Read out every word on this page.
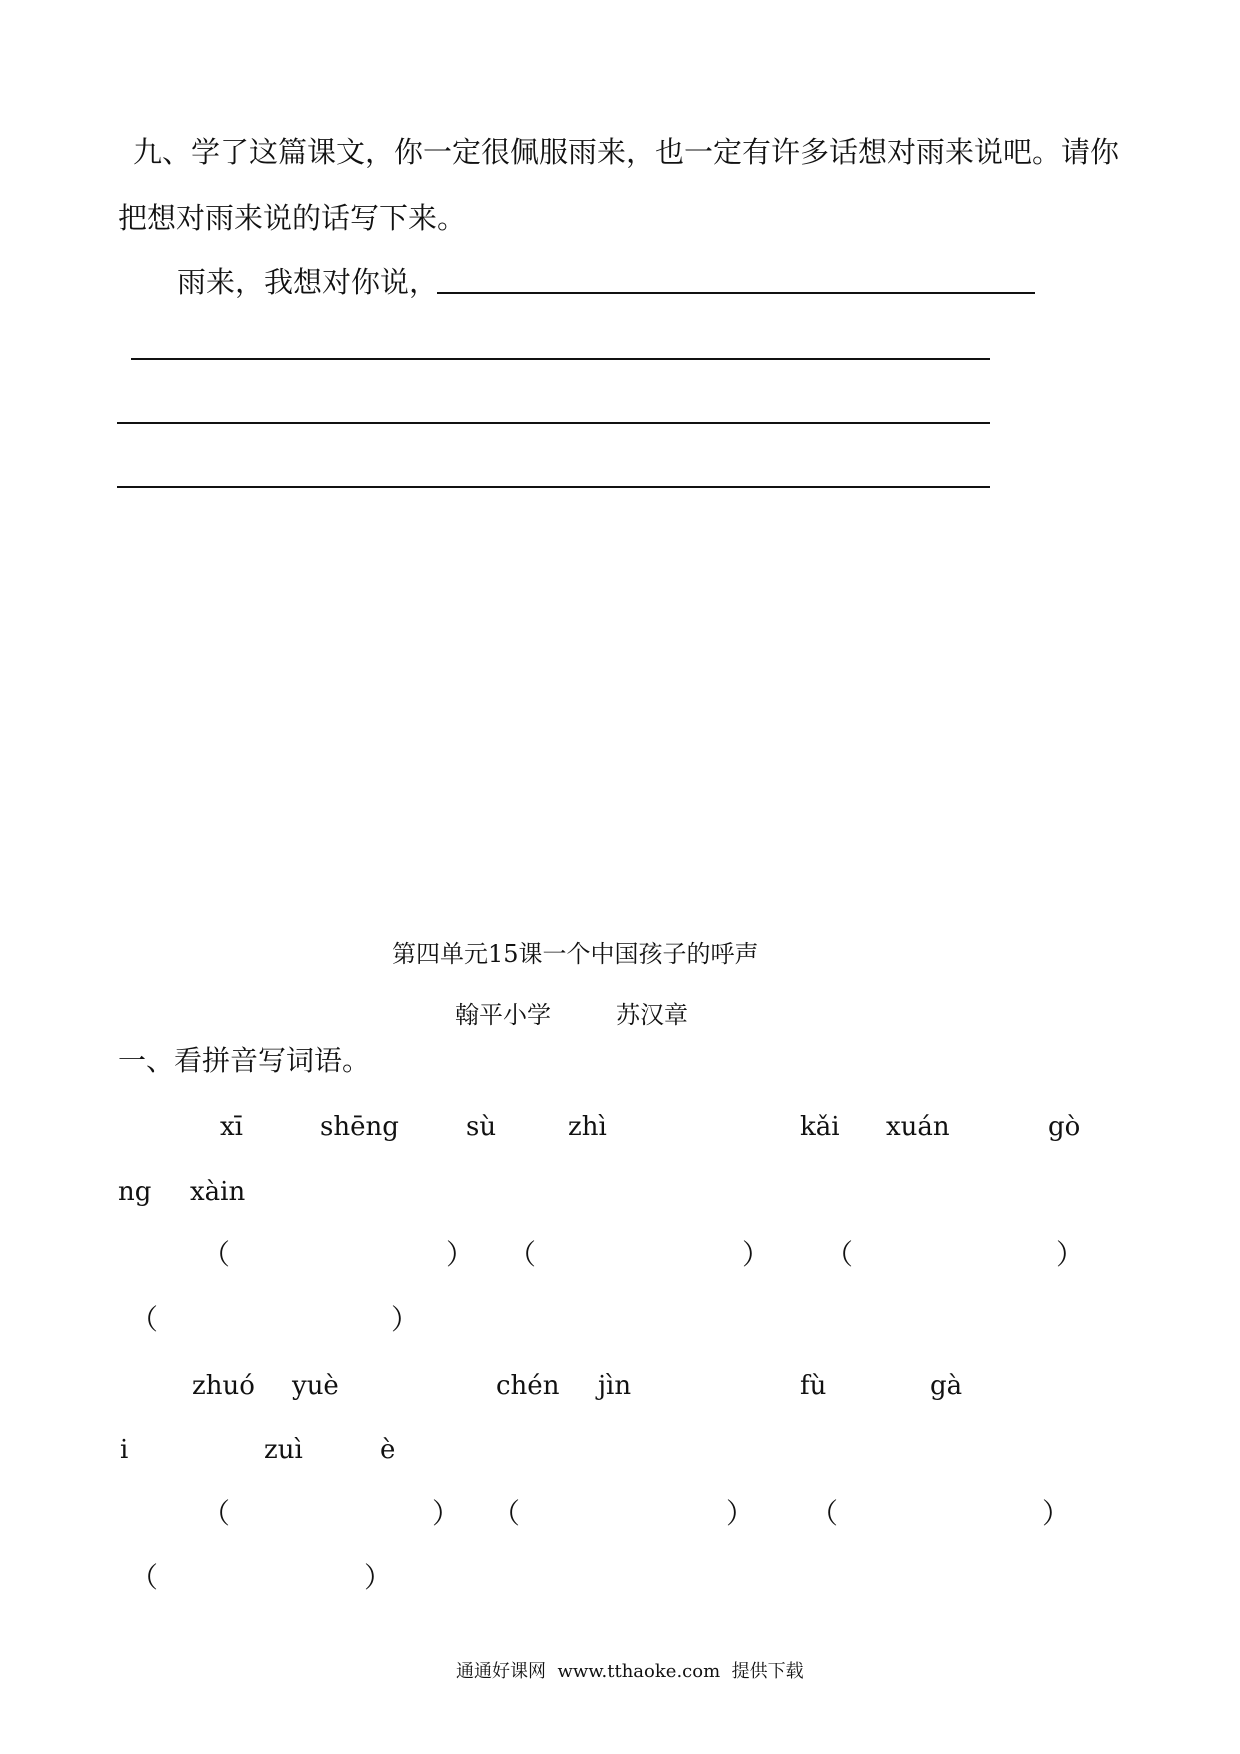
九、学了这篇课文，你一定很佩服雨来，也一定有许多话想对雨来说吧。请你
把想对雨来说的话写下来。
雨来，我想对你说，
第四单元15课一个中国孩子的呼声
翰平小学	苏汉章
一、看拼音写词语。
xī	shēng	sù	zhì	kǎi xuán	gò
ng xàin
（	） （	） （	）
（	）
zhuó yuè	chén jìn	fù	gà
i	zuì	è
（	） （	） （	）
（	）
通通好课网  www.tthaoke.com  提供下载
